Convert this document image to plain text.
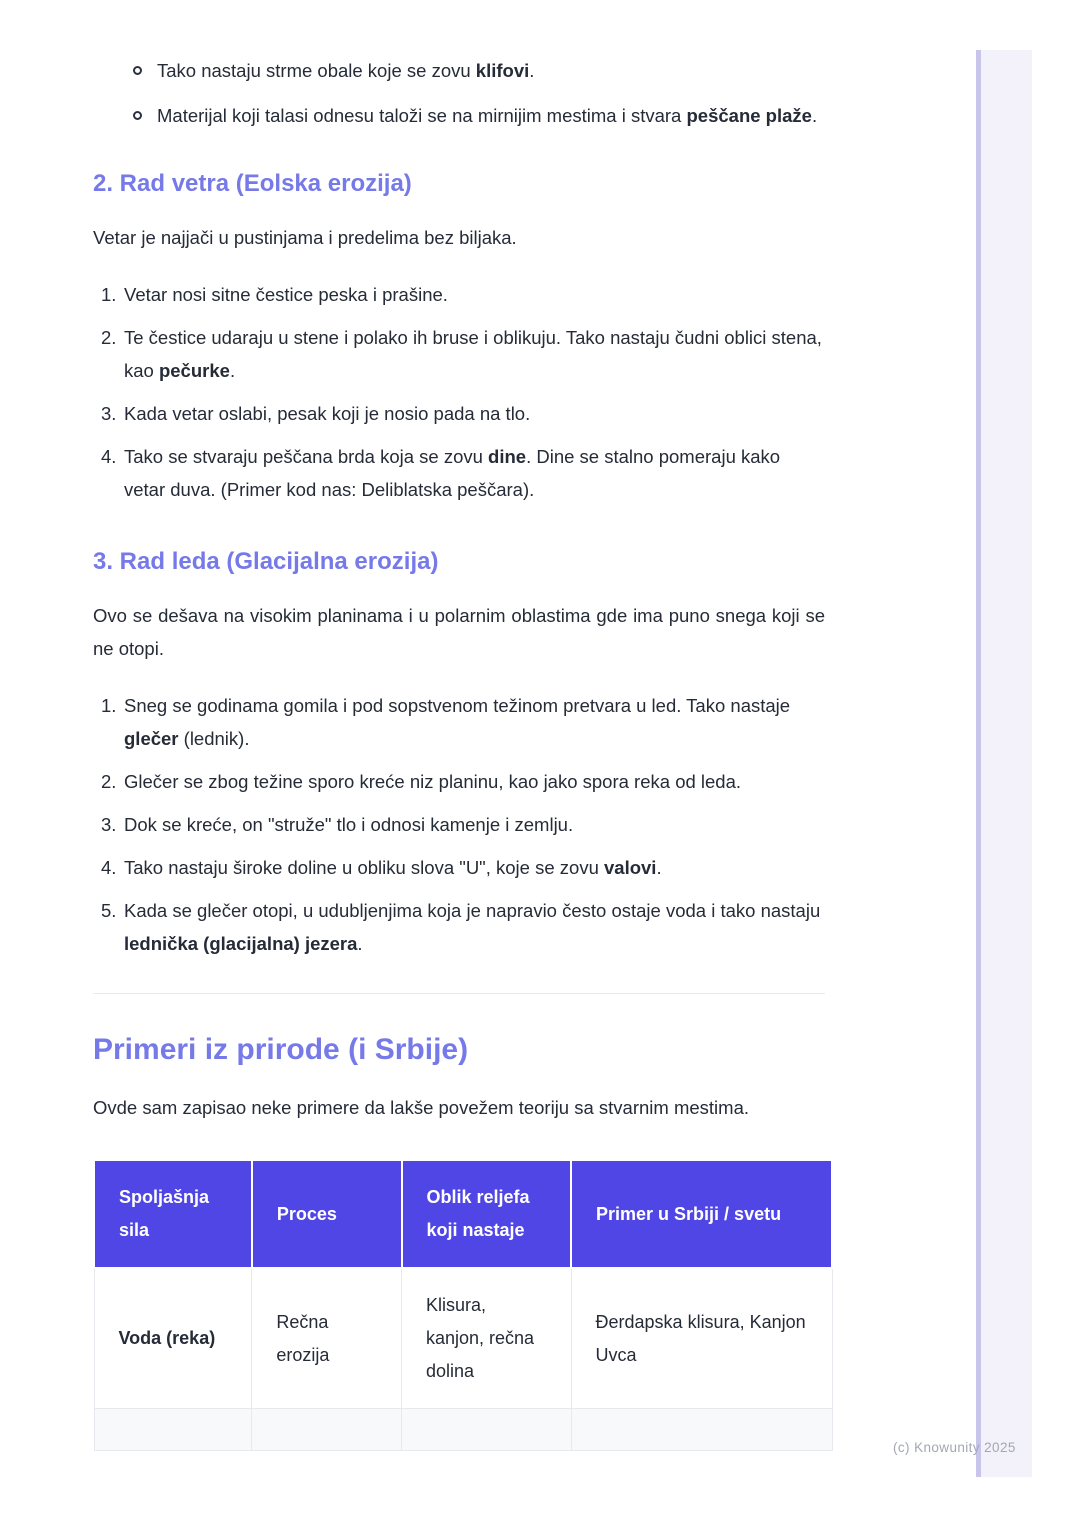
Tako nastaju strme obale koje se zovu klifovi.
Materijal koji talasi odnesu taloži se na mirnijim mestima i stvara peščane plaže.
2. Rad vetra (Eolska erozija)

Vetar je najjači u pustinjama i predelima bez biljaka.

1. Vetar nosi sitne čestice peska i prašine.
2. Te čestice udaraju u stene i polako ih bruse i oblikuju. Tako nastaju čudni oblici stena, kao pečurke.
3. Kada vetar oslabi, pesak koji je nosio pada na tlo.
4. Tako se stvaraju peščana brda koja se zovu dine. Dine se stalno pomeraju kako vetar duva. (Primer kod nas: Deliblatska peščara).
3. Rad leda (Glacijalna erozija)

Ovo se dešava na visokim planinama i u polarnim oblastima gde ima puno snega koji se ne otopi.

1. Sneg se godinama gomila i pod sopstvenom težinom pretvara u led. Tako nastaje glečer (lednik).
2. Glečer se zbog težine sporo kreće niz planinu, kao jako spora reka od leda.
3. Dok se kreće, on "struže" tlo i odnosi kamenje i zemlju.
4. Tako nastaju široke doline u obliku slova "U", koje se zovu valovi.
5. Kada se glečer otopi, u udubljenjima koja je napravio često ostaje voda i tako nastaju lednička (glacijalna) jezera.
Primeri iz prirode (i Srbije)

Ovde sam zapisao neke primere da lakše povežem teoriju sa stvarnim mestima.

Spoljašnja sila	Proces	Oblik reljefa koji nastaje	Primer u Srbiji / svetu
Voda (reka)	Rečna erozija	Klisura, kanjon, rečna dolina	Đerdapska klisura, Kanjon Uvca

(c) Knowunity 2025
